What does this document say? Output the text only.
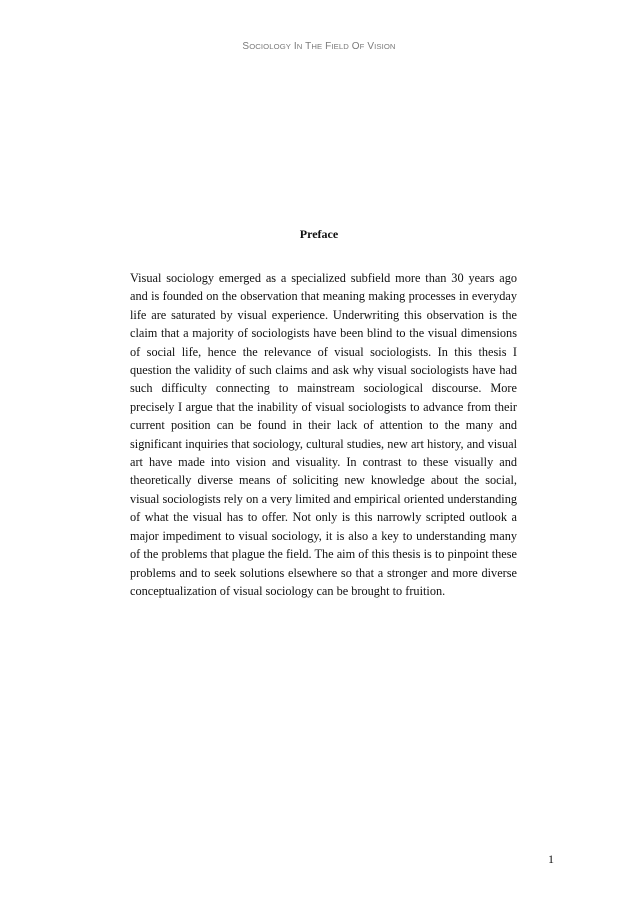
SOCIOLOGY IN THE FIELD OF VISION
Preface

Visual sociology emerged as a specialized subfield more than 30 years ago and is founded on the observation that meaning making processes in everyday life are saturated by visual experience. Underwriting this observation is the claim that a majority of sociologists have been blind to the visual dimensions of social life, hence the relevance of visual sociologists. In this thesis I question the validity of such claims and ask why visual sociologists have had such difficulty connecting to mainstream sociological discourse. More precisely I argue that the inability of visual sociologists to advance from their current position can be found in their lack of attention to the many and significant inquiries that sociology, cultural studies, new art history, and visual art have made into vision and visuality. In contrast to these visually and theoretically diverse means of soliciting new knowledge about the social, visual sociologists rely on a very limited and empirical oriented understanding of what the visual has to offer. Not only is this narrowly scripted outlook a major impediment to visual sociology, it is also a key to understanding many of the problems that plague the field. The aim of this thesis is to pinpoint these problems and to seek solutions elsewhere so that a stronger and more diverse conceptualization of visual sociology can be brought to fruition.

1
